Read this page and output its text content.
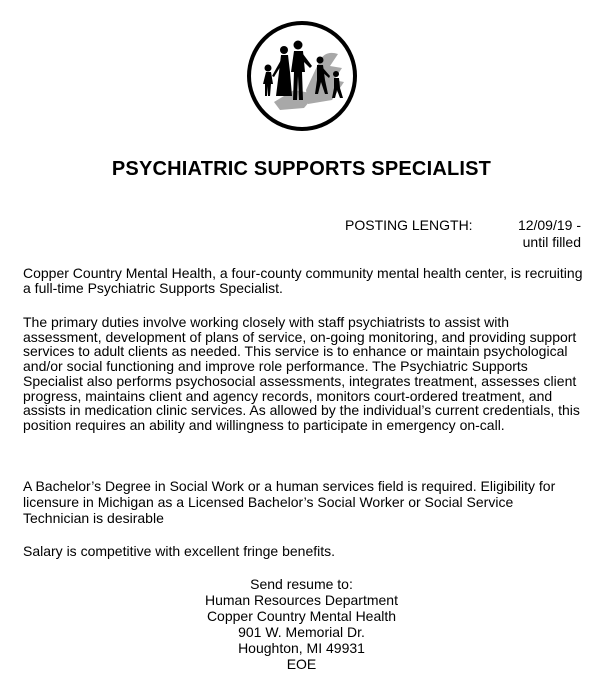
PSYCHIATRIC SUPPORTS SPECIALIST
POSTING LENGTH:	12/09/19 -
until filled

Copper Country Mental Health, a four-county community mental health center, is recruiting a full-time Psychiatric Supports Specialist.

The primary duties involve working closely with staff psychiatrists to assist with assessment, development of plans of service, on-going monitoring, and providing support services to adult clients as needed. This service is to enhance or maintain psychological and/or social functioning and improve role performance. The Psychiatric Supports Specialist also performs psychosocial assessments, integrates treatment, assesses client progress, maintains client and agency records, monitors court-ordered treatment, and assists in medication clinic services. As allowed by the individual’s current credentials, this position requires an ability and willingness to participate in emergency on-call.

A Bachelor’s Degree in Social Work or a human services field is required. Eligibility for licensure in Michigan as a Licensed Bachelor’s Social Worker or Social Service Technician is desirable

Salary is competitive with excellent fringe benefits.

Send resume to:
Human Resources Department
Copper Country Mental Health
901 W. Memorial Dr.
Houghton, MI 49931
EOE
